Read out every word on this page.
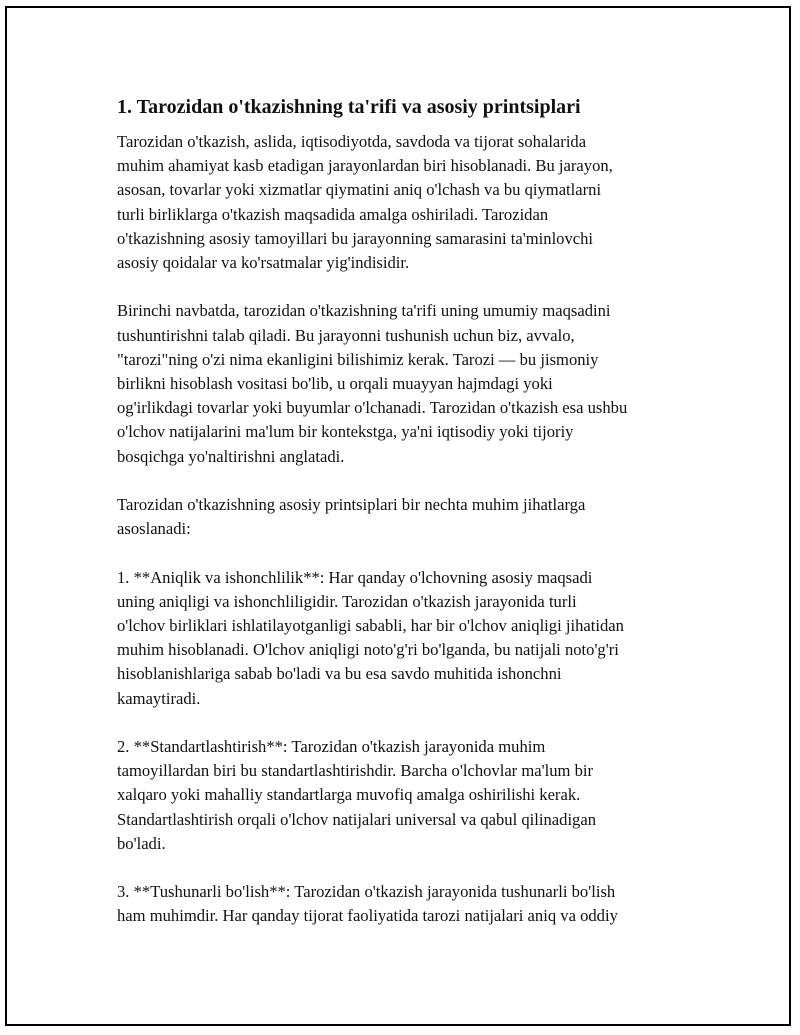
1. Tarozidan o'tkazishning ta'rifi va asosiy printsiplari

Tarozidan o'tkazish, aslida, iqtisodiyotda, savdoda va tijorat sohalarida
muhim ahamiyat kasb etadigan jarayonlardan biri hisoblanadi. Bu jarayon,
asosan, tovarlar yoki xizmatlar qiymatini aniq o'lchash va bu qiymatlarni
turli birliklarga o'tkazish maqsadida amalga oshiriladi. Tarozidan
o'tkazishning asosiy tamoyillari bu jarayonning samarasini ta'minlovchi
asosiy qoidalar va ko'rsatmalar yig'indisidir.

Birinchi navbatda, tarozidan o'tkazishning ta'rifi uning umumiy maqsadini
tushuntirishni talab qiladi. Bu jarayonni tushunish uchun biz, avvalo,
"tarozi"ning o'zi nima ekanligini bilishimiz kerak. Tarozi — bu jismoniy
birlikni hisoblash vositasi bo'lib, u orqali muayyan hajmdagi yoki
og'irlikdagi tovarlar yoki buyumlar o'lchanadi. Tarozidan o'tkazish esa ushbu
o'lchov natijalarini ma'lum bir kontekstga, ya'ni iqtisodiy yoki tijoriy
bosqichga yo'naltirishni anglatadi.

Tarozidan o'tkazishning asosiy printsiplari bir nechta muhim jihatlarga
asoslanadi:

1. **Aniqlik va ishonchlilik**: Har qanday o'lchovning asosiy maqsadi
uning aniqligi va ishonchliligidir. Tarozidan o'tkazish jarayonida turli
o'lchov birliklari ishlatilayotganligi sababli, har bir o'lchov aniqligi jihatidan
muhim hisoblanadi. O'lchov aniqligi noto'g'ri bo'lganda, bu natijali noto'g'ri
hisoblanishlariga sabab bo'ladi va bu esa savdo muhitida ishonchni
kamaytiradi.

2. **Standartlashtirish**: Tarozidan o'tkazish jarayonida muhim
tamoyillardan biri bu standartlashtirishdir. Barcha o'lchovlar ma'lum bir
xalqaro yoki mahalliy standartlarga muvofiq amalga oshirilishi kerak.
Standartlashtirish orqali o'lchov natijalari universal va qabul qilinadigan
bo'ladi.

3. **Tushunarli bo'lish**: Tarozidan o'tkazish jarayonida tushunarli bo'lish
ham muhimdir. Har qanday tijorat faoliyatida tarozi natijalari aniq va oddiy
